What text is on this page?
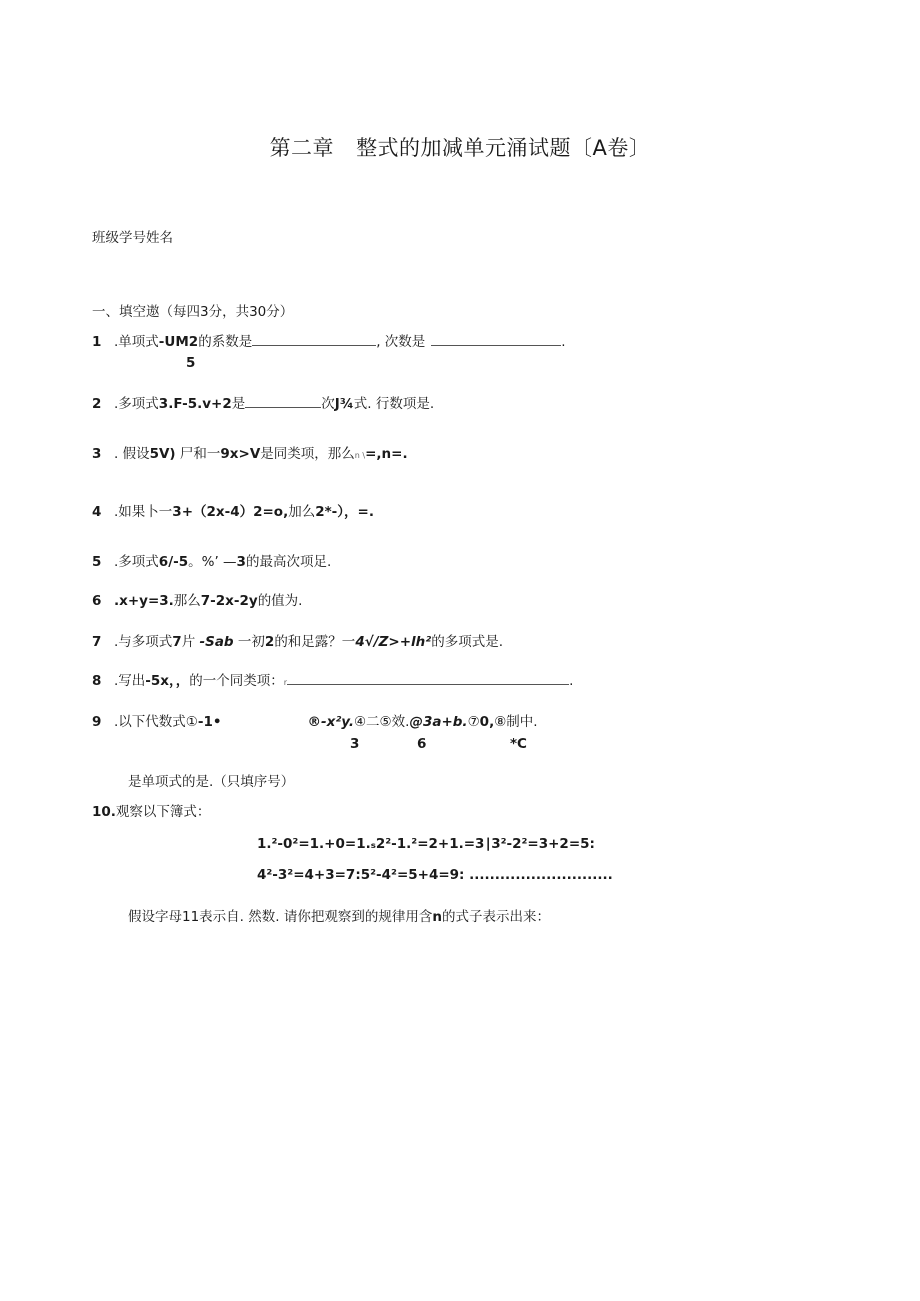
第二章 整式的加减单元涌试题〔A卷〕
班级学号姓名
一、填空遨（每四3分，共30分）
1 .单项式-UM2的系数是	, 次数是	.
5
2 .多项式3.F-5.v+2是	次J¾式. 行数项是.
3 . 假设5V) 尸和一9x>V是同类项，那么n \=,n=.
4 .如果卜一3+（2x-4）2=o,加么2*-），=.
5 .多项式6/-5。%’ —3的最高次项足.
6 .x+y=3.那么7-2x-2y的值为.
7 .与多项式7片 -Sab 一初2的和足露？一4√/Z>+lh²的多项式是.
8 .写出-5x，，的一个同类项：r	.
9 .以下代数式①-1•	®-x²y.④二⑤效.@3a+b.⑦0,⑧制中.
3	6	*C
是单项式的是.（只填序号）
10.观察以下簿式：
1.²-0²=1.+0=1.ₛ2²-1.²=2+1.=3∣3²-2²=3+2=5:
4²-3²=4+3=7:5²-4²=5+4=9: ............................
假设字母11表示自. 然数. 请你把观察到的规律用含n的式子表示出来：
